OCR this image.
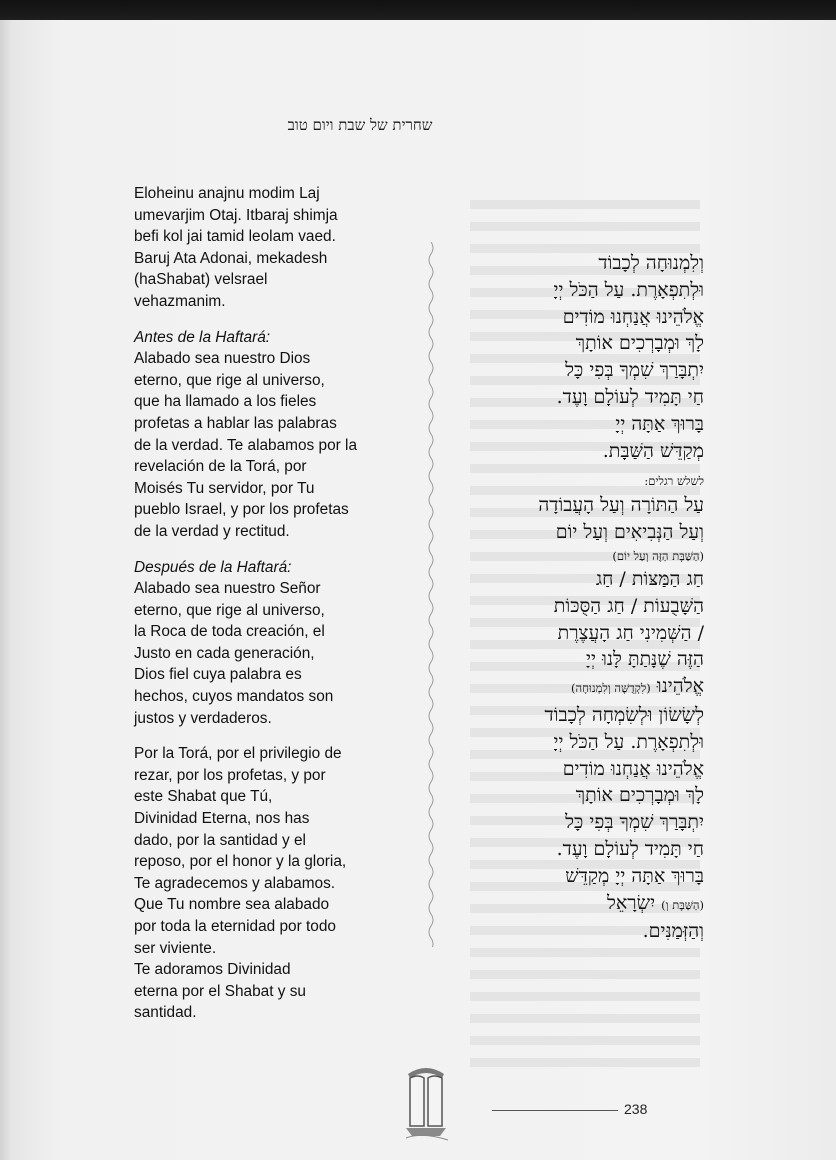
שחרית של שבת ויום טוב

Eloheinu anajnu modim Laj
umevarjim Otaj. Itbaraj shimja
befi kol jai tamid leolam vaed.
Baruj Ata Adonai, mekadesh
(haShabat) velsrael
vehazmanim.

Antes de la Haftará:
Alabado sea nuestro Dios
eterno, que rige al universo,
que ha llamado a los fieles
profetas a hablar las palabras
de la verdad. Te alabamos por la
revelación de la Torá, por
Moisés Tu servidor, por Tu
pueblo Israel, y por los profetas
de la verdad y rectitud.

Después de la Haftará:
Alabado sea nuestro Señor
eterno, que rige al universo,
la Roca de toda creación, el
Justo en cada generación,
Dios fiel cuya palabra es
hechos, cuyos mandatos son
justos y verdaderos.

Por la Torá, por el privilegio de
rezar, por los profetas, y por
este Shabat que Tú,
Divinidad Eterna, nos has
dado, por la santidad y el
reposo, por el honor y la gloria,
Te agradecemos y alabamos.
Que Tu nombre sea alabado
por toda la eternidad por todo
ser viviente.
Te adoramos Divinidad
eterna por el Shabat y su
santidad.

וְלִמְנוּחָה לְכָבוֹד
וּלְתִפְאָרֶת. עַל הַכֹּל יְיָ
אֱלֹהֵינוּ אֲנַחְנוּ מוֹדִים
לָךְ וּמְבָרְכִים אוֹתָךְ
יִתְבָּרַךְ שִׁמְךָ בְּפִי כָּל
חַי תָּמִיד לְעוֹלָם וָעֶד.
בָּרוּךְ אַתָּה יְיָ
מְקַדֵּשׁ הַשַּׁבָּת.
לשלש רגלים:
עַל הַתּוֹרָה וְעַל הָעֲבוֹדָה
וְעַל הַנְּבִיאִים וְעַל יוֹם
(הַשַּׁבָּת הַזֶּה וְעַל יוֹם)
חַג הַמַּצּוֹת / חַג
הַשָּׁבֻעוֹת / חַג הַסֻּכּוֹת
/ הַשְּׁמִינִי חַג הָעֲצֶרֶת
הַזֶּה שֶׁנָּתַתָּ לָּנוּ יְיָ
אֱלֹהֵינוּ (לִקְדֻשָּׁה וְלִמְנוּחָה)
לְשָׂשׂוֹן וּלְשִׂמְחָה לְכָבוֹד
וּלְתִפְאָרֶת. עַל הַכֹּל יְיָ
אֱלֹהֵינוּ אֲנַחְנוּ מוֹדִים
לָךְ וּמְבָרְכִים אוֹתָךְ
יִתְבָּרַךְ שִׁמְךָ בְּפִי כָּל
חַי תָּמִיד לְעוֹלָם וָעֶד.
בָּרוּךְ אַתָּה יְיָ מְקַדֵּשׁ
(הַשַּׁבָּת וְ) יִשְׂרָאֵל
וְהַזְּמַנִּים.
238
